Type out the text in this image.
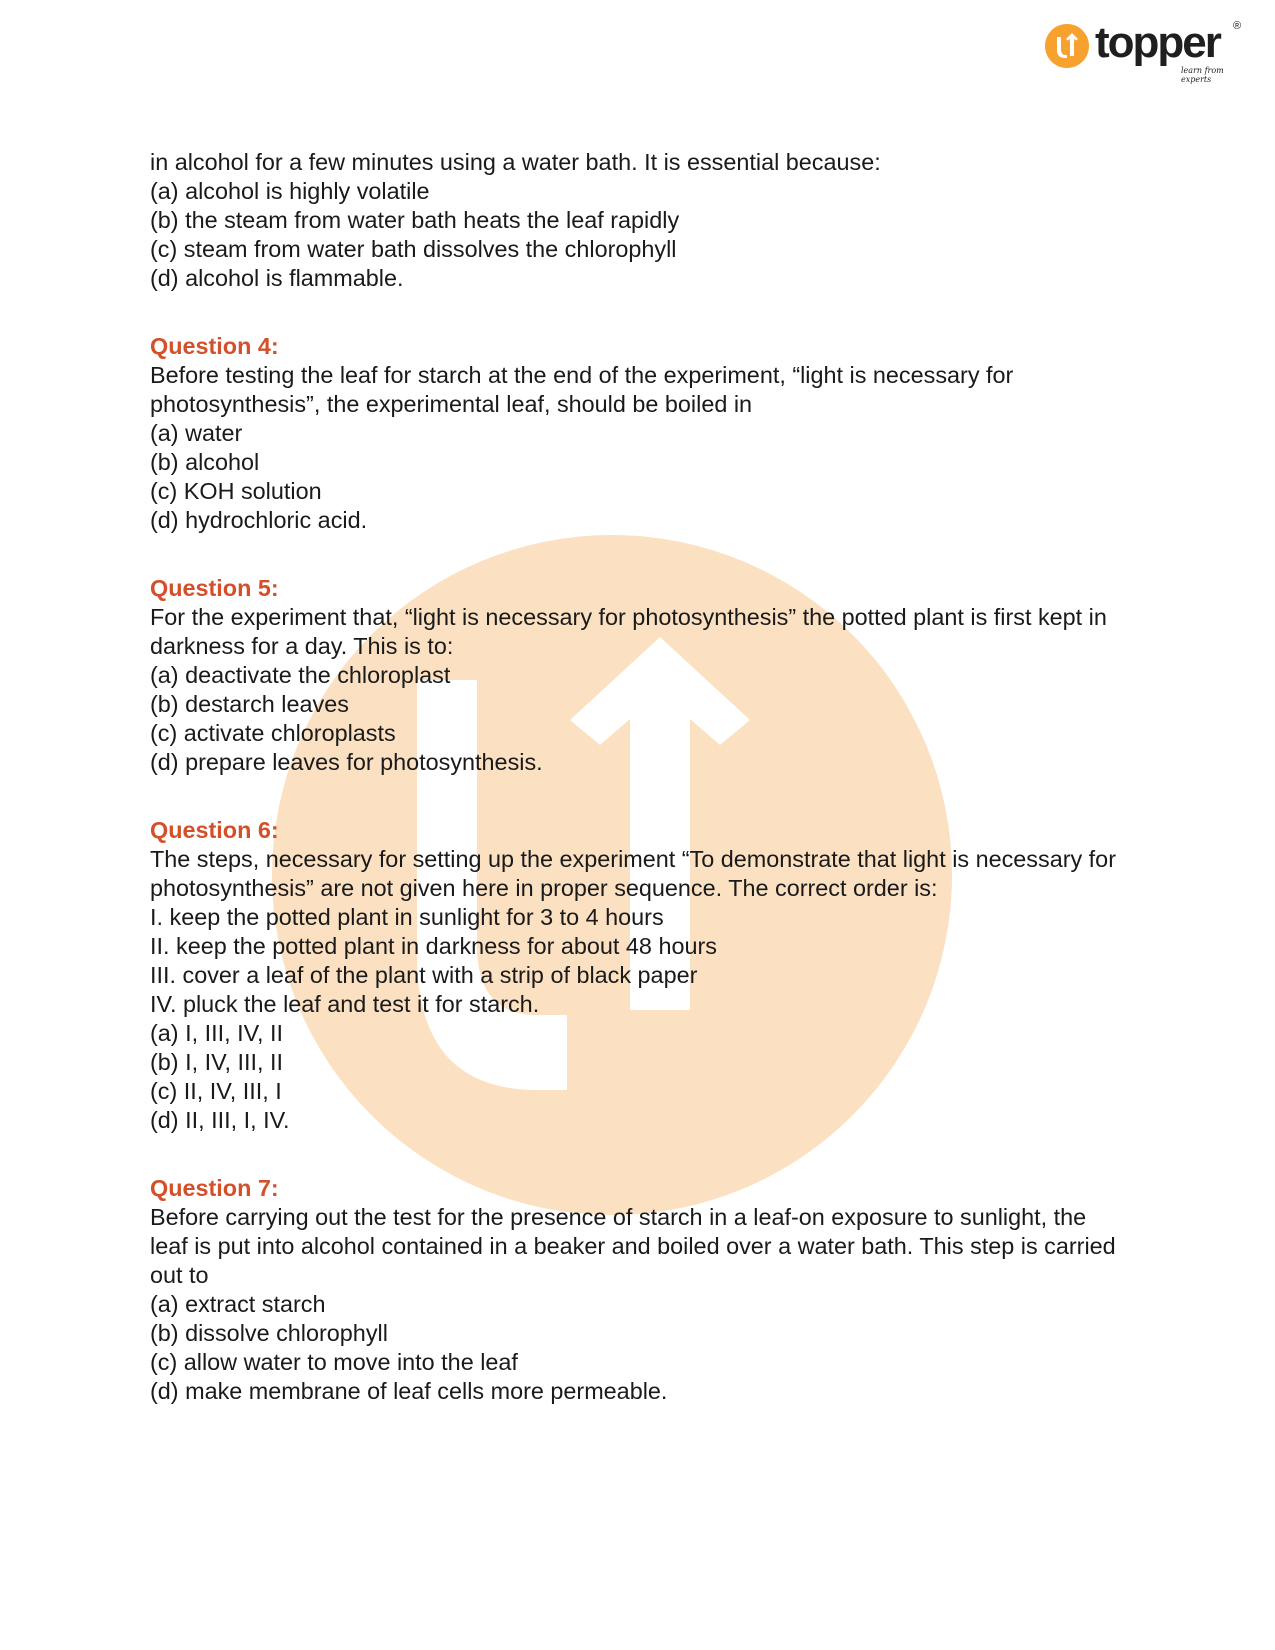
topper ®
learn from experts

in alcohol for a few minutes using a water bath. It is essential because:

(a) alcohol is highly volatile

(b) the steam from water bath heats the leaf rapidly

(c) steam from water bath dissolves the chlorophyll

(d) alcohol is flammable.

Question 4:

Before testing the leaf for starch at the end of the experiment, “light is necessary for photosynthesis”, the experimental leaf, should be boiled in

(a) water

(b) alcohol

(c) KOH solution

(d) hydrochloric acid.

Question 5:

For the experiment that, “light is necessary for photosynthesis” the potted plant is first kept in darkness for a day. This is to:

(a) deactivate the chloroplast

(b) destarch leaves

(c) activate chloroplasts

(d) prepare leaves for photosynthesis.

Question 6:

The steps, necessary for setting up the experiment “To demonstrate that light is necessary for photosynthesis” are not given here in proper sequence. The correct order is:

I. keep the potted plant in sunlight for 3 to 4 hours

II. keep the potted plant in darkness for about 48 hours

III. cover a leaf of the plant with a strip of black paper

IV. pluck the leaf and test it for starch.

(a) I, III, IV, II

(b) I, IV, III, II

(c) II, IV, III, I

(d) II, III, I, IV.

Question 7:

Before carrying out the test for the presence of starch in a leaf-on exposure to sunlight, the leaf is put into alcohol contained in a beaker and boiled over a water bath. This step is carried out to

(a) extract starch

(b) dissolve chlorophyll

(c) allow water to move into the leaf

(d) make membrane of leaf cells more permeable.
